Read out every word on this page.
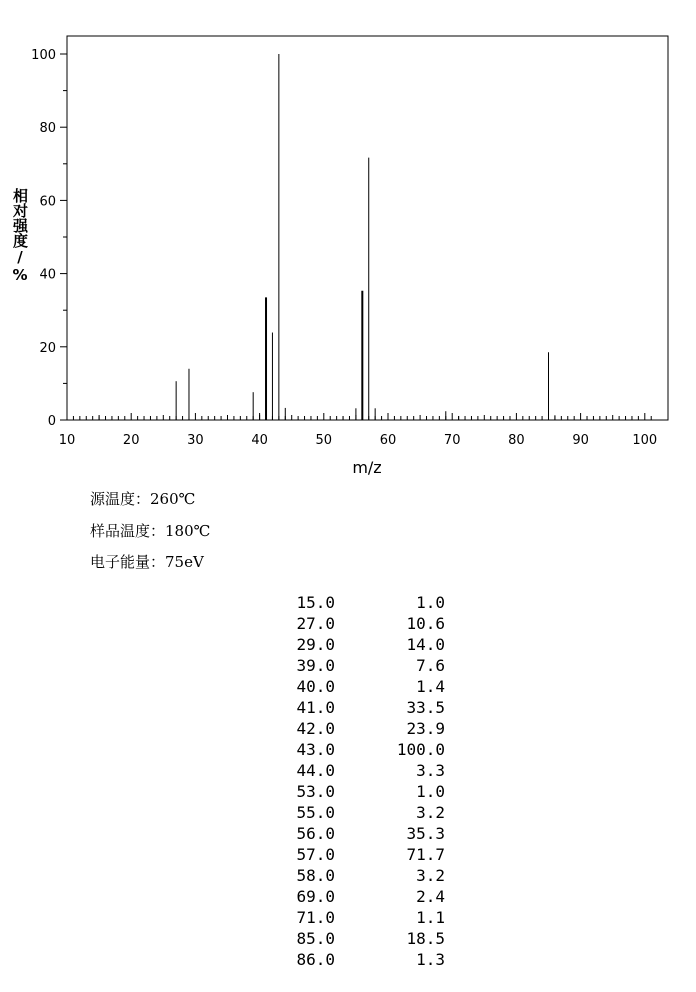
0
20
40
60
80
100
10	20	30	40	50	60	70	80	90	100
m/z
相对强度/%
源温度：260℃
样品温度：180℃
电子能量：75eV
15.0	1.0
27.0	10.6
29.0	14.0
39.0	7.6
40.0	1.4
41.0	33.5
42.0	23.9
43.0	100.0
44.0	3.3
53.0	1.0
55.0	3.2
56.0	35.3
57.0	71.7
58.0	3.2
69.0	2.4
71.0	1.1
85.0	18.5
86.0	1.3
